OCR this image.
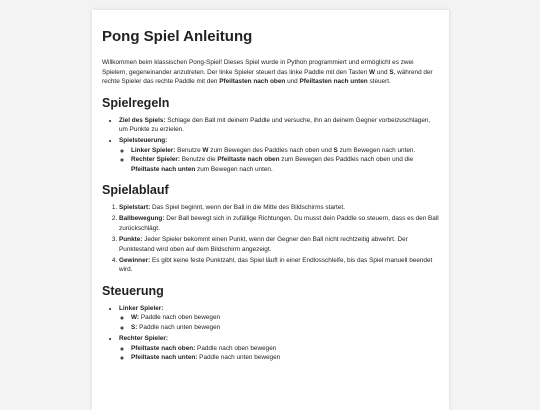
Pong Spiel Anleitung

Willkommen beim klassischen Pong-Spiel! Dieses Spiel wurde in Python programmiert und ermöglicht es zwei Spielern, gegeneinander anzutreten. Der linke Spieler steuert das linke Paddle mit den Tasten W und S, während der rechte Spieler das rechte Paddle mit den Pfeiltasten nach oben und Pfeiltasten nach unten steuert.

Spielregeln
• Ziel des Spiels: Schlage den Ball mit deinem Paddle und versuche, ihn an deinem Gegner vorbeizuschlagen, um Punkte zu erzielen.
• Spielsteuerung:
◦ Linker Spieler: Benutze W zum Bewegen des Paddles nach oben und S zum Bewegen nach unten.
◦ Rechter Spieler: Benutze die Pfeiltaste nach oben zum Bewegen des Paddles nach oben und die Pfeiltaste nach unten zum Bewegen nach unten.
Spielablauf
1. Spielstart: Das Spiel beginnt, wenn der Ball in die Mitte des Bildschirms startet.
2. Ballbewegung: Der Ball bewegt sich in zufällige Richtungen. Du musst dein Paddle so steuern, dass es den Ball zurückschlägt.
3. Punkte: Jeder Spieler bekommt einen Punkt, wenn der Gegner den Ball nicht rechtzeitig abwehrt. Der Punktestand wird oben auf dem Bildschirm angezeigt.
4. Gewinner: Es gibt keine feste Punktzahl, das Spiel läuft in einer Endlosschleife, bis das Spiel manuell beendet wird.
Steuerung
• Linker Spieler:
◦ W: Paddle nach oben bewegen
◦ S: Paddle nach unten bewegen
• Rechter Spieler:
◦ Pfeiltaste nach oben: Paddle nach oben bewegen
◦ Pfeiltaste nach unten: Paddle nach unten bewegen
